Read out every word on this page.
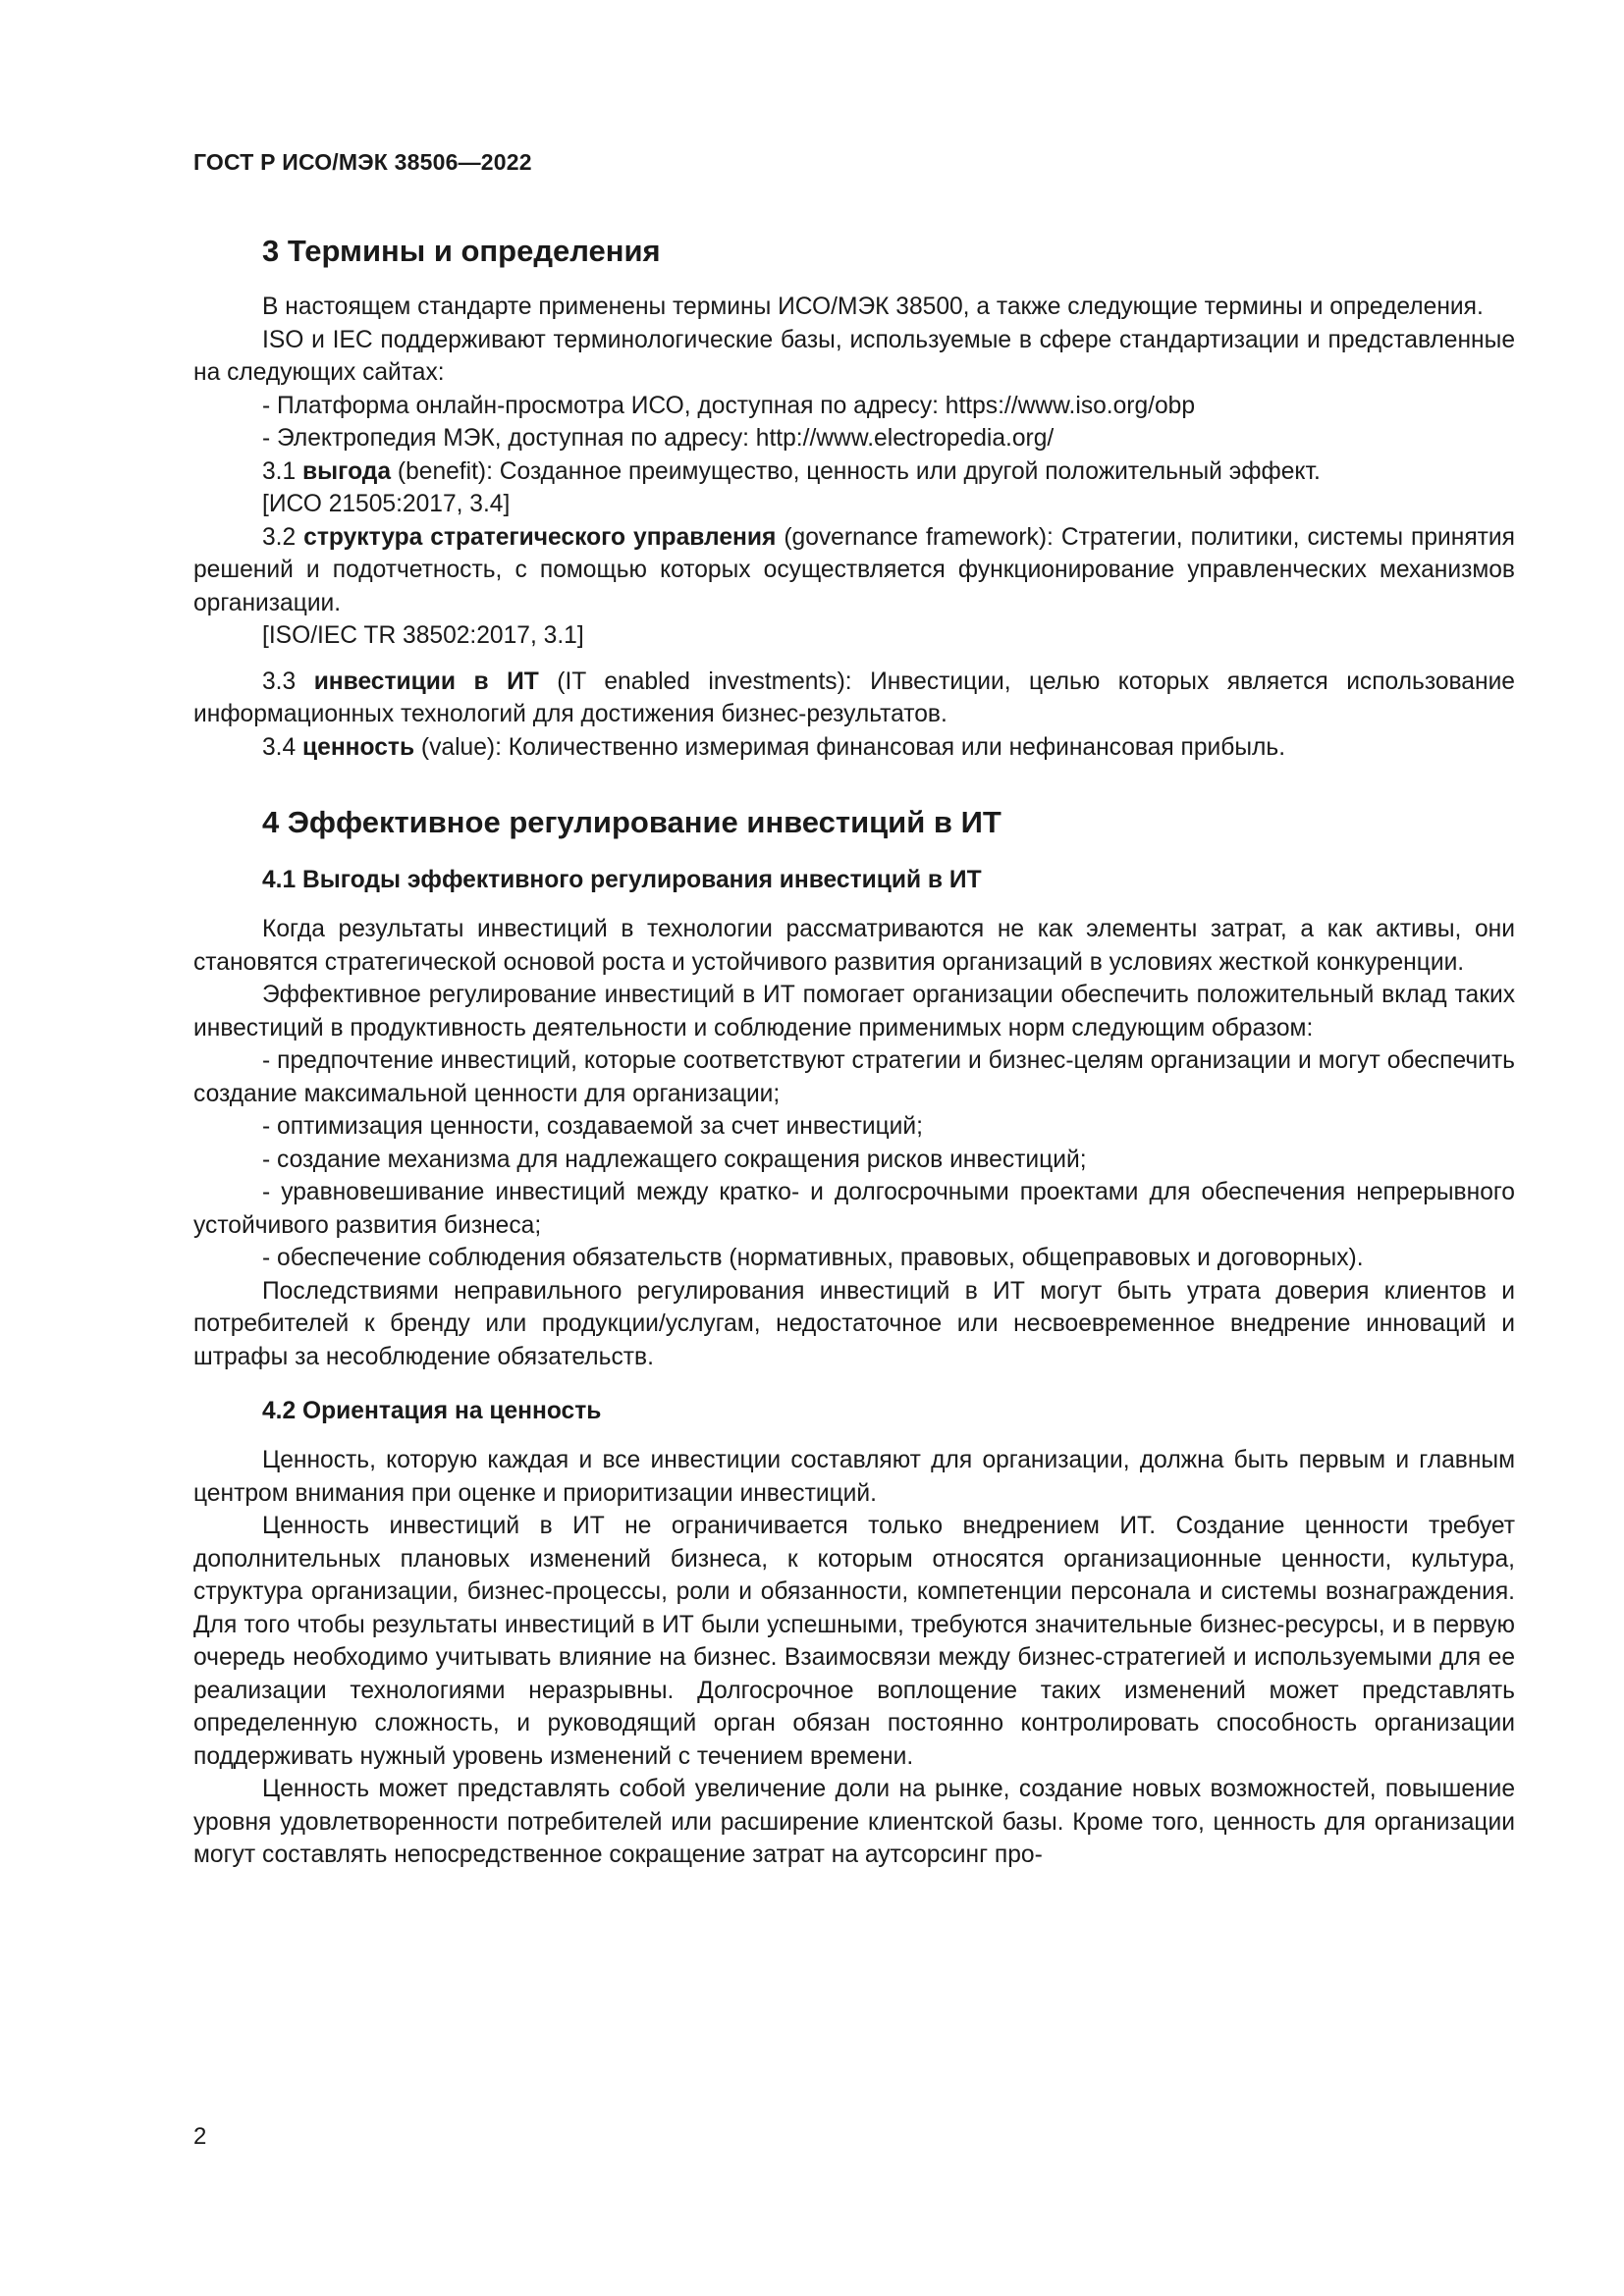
ГОСТ Р ИСО/МЭК 38506—2022
3 Термины и определения

В настоящем стандарте применены термины ИСО/МЭК 38500, а также следующие термины и определения.

ISO и IEC поддерживают терминологические базы, используемые в сфере стандартизации и представленные на следующих сайтах:

- Платформа онлайн-просмотра ИСО, доступная по адресу: https://www.iso.org/obp

- Электропедия МЭК, доступная по адресу: http://www.electropedia.org/

3.1 выгода (benefit): Созданное преимущество, ценность или другой положительный эффект.

[ИСО 21505:2017, 3.4]

3.2 структура стратегического управления (governance framework): Стратегии, политики, системы принятия решений и подотчетность, с помощью которых осуществляется функционирование управленческих механизмов организации.

[ISO/IEC TR 38502:2017, 3.1]

3.3 инвестиции в ИТ (IT enabled investments): Инвестиции, целью которых является использование информационных технологий для достижения бизнес-результатов.

3.4 ценность (value): Количественно измеримая финансовая или нефинансовая прибыль.

4 Эффективное регулирование инвестиций в ИТ
4.1 Выгоды эффективного регулирования инвестиций в ИТ

Когда результаты инвестиций в технологии рассматриваются не как элементы затрат, а как активы, они становятся стратегической основой роста и устойчивого развития организаций в условиях жесткой конкуренции.

Эффективное регулирование инвестиций в ИТ помогает организации обеспечить положительный вклад таких инвестиций в продуктивность деятельности и соблюдение применимых норм следующим образом:

- предпочтение инвестиций, которые соответствуют стратегии и бизнес-целям организации и могут обеспечить создание максимальной ценности для организации;

- оптимизация ценности, создаваемой за счет инвестиций;

- создание механизма для надлежащего сокращения рисков инвестиций;

- уравновешивание инвестиций между кратко- и долгосрочными проектами для обеспечения непрерывного устойчивого развития бизнеса;

- обеспечение соблюдения обязательств (нормативных, правовых, общеправовых и договорных).

Последствиями неправильного регулирования инвестиций в ИТ могут быть утрата доверия клиентов и потребителей к бренду или продукции/услугам, недостаточное или несвоевременное внедрение инноваций и штрафы за несоблюдение обязательств.

4.2 Ориентация на ценность

Ценность, которую каждая и все инвестиции составляют для организации, должна быть первым и главным центром внимания при оценке и приоритизации инвестиций.

Ценность инвестиций в ИТ не ограничивается только внедрением ИТ. Создание ценности требует дополнительных плановых изменений бизнеса, к которым относятся организационные ценности, культура, структура организации, бизнес-процессы, роли и обязанности, компетенции персонала и системы вознаграждения. Для того чтобы результаты инвестиций в ИТ были успешными, требуются значительные бизнес-ресурсы, и в первую очередь необходимо учитывать влияние на бизнес. Взаимосвязи между бизнес-стратегией и используемыми для ее реализации технологиями неразрывны. Долгосрочное воплощение таких изменений может представлять определенную сложность, и руководящий орган обязан постоянно контролировать способность организации поддерживать нужный уровень изменений с течением времени.

Ценность может представлять собой увеличение доли на рынке, создание новых возможностей, повышение уровня удовлетворенности потребителей или расширение клиентской базы. Кроме того, ценность для организации могут составлять непосредственное сокращение затрат на аутсорсинг про-

2
